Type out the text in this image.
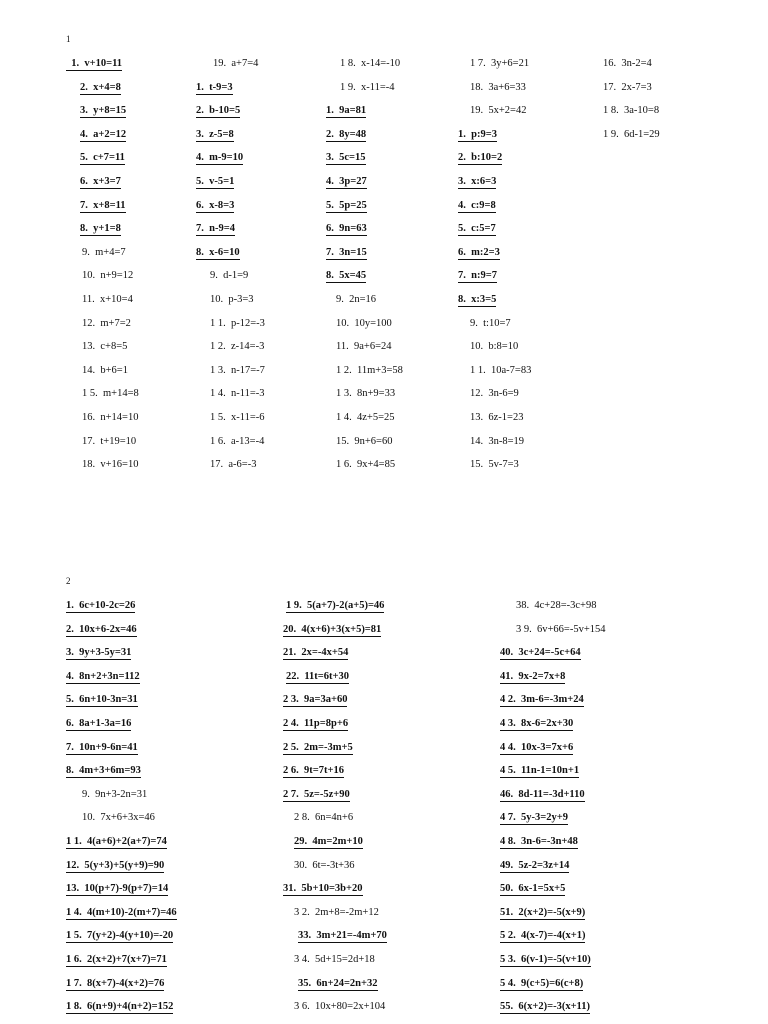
1
2
1.  v+10=11
2.  x+4=8
3.  y+8=15
4.  a+2=12
5.  c+7=11
6.  x+3=7
7.  x+8=11
8.  y+1=8
9.  m+4=7
10.  n+9=12
11.  x+10=4
12.  m+7=2
13.  c+8=5
14.  b+6=1
1 5.  m+14=8
16.  n+14=10
17.  t+19=10
18.  v+16=10
19.  a+7=4
1.  t-9=3
2.  b-10=5
3.  z-5=8
4.  m-9=10
5.  v-5=1
6.  x-8=3
7.  n-9=4
8.  x-6=10
9.  d-1=9
10.  p-3=3
1 1.  p-12=-3
1 2.  z-14=-3
1 3.  n-17=-7
1 4.  n-11=-3
1 5.  x-11=-6
1 6.  a-13=-4
17.  a-6=-3
1 8.  x-14=-10
1 9.  x-11=-4
1.  9a=81
2.  8y=48
3.  5c=15
4.  3p=27
5.  5p=25
6.  9n=63
7.  3n=15
8.  5x=45
9.  2n=16
10.  10y=100
11.  9a+6=24
1 2.  11m+3=58
1 3.  8n+9=33
1 4.  4z+5=25
15.  9n+6=60
1 6.  9x+4=85
1 7.  3y+6=21
18.  3a+6=33
19.  5x+2=42
1.  p:9=3
2.  b:10=2
3.  x:6=3
4.  c:9=8
5.  c:5=7
6.  m:2=3
7.  n:9=7
8.  x:3=5
9.  t:10=7
10.  b:8=10
1 1.  10a-7=83
12.  3n-6=9
13.  6z-1=23
14.  3n-8=19
15.  5v-7=3
16.  3n-2=4
17.  2x-7=3
1 8.  3a-10=8
1 9.  6d-1=29
1.  6c+10-2c=26
2.  10x+6-2x=46
3.  9y+3-5y=31
4.  8n+2+3n=112
5.  6n+10-3n=31
6.  8a+1-3a=16
7.  10n+9-6n=41
8.  4m+3+6m=93
9.  9n+3-2n=31
10.  7x+6+3x=46
1 1.  4(a+6)+2(a+7)=74
12.  5(y+3)+5(y+9)=90
13.  10(p+7)-9(p+7)=14
1 4.  4(m+10)-2(m+7)=46
1 5.  7(y+2)-4(y+10)=-20
1 6.  2(x+2)+7(x+7)=71
1 7.  8(x+7)-4(x+2)=76
1 8.  6(n+9)+4(n+2)=152
1 9.  5(a+7)-2(a+5)=46
20.  4(x+6)+3(x+5)=81
21.  2x=-4x+54
22.  11t=6t+30
2 3.  9a=3a+60
2 4.  11p=8p+6
2 5.  2m=-3m+5
2 6.  9t=7t+16
2 7.  5z=-5z+90
2 8.  6n=4n+6
29.  4m=2m+10
30.  6t=-3t+36
31.  5b+10=3b+20
3 2.  2m+8=-2m+12
33.  3m+21=-4m+70
3 4.  5d+15=2d+18
35.  6n+24=2n+32
3 6.  10x+80=2x+104
38.  4c+28=-3c+98
3 9.  6v+66=-5v+154
40.  3c+24=-5c+64
41.  9x-2=7x+8
4 2.  3m-6=-3m+24
4 3.  8x-6=2x+30
4 4.  10x-3=7x+6
4 5.  11n-1=10n+1
46.  8d-11=-3d+110
4 7.  5y-3=2y+9
4 8.  3n-6=-3n+48
49.  5z-2=3z+14
50.  6x-1=5x+5
51.  2(x+2)=-5(x+9)
5 2.  4(x-7)=-4(x+1)
5 3.  6(v-1)=-5(v+10)
5 4.  9(c+5)=6(c+8)
55.  6(x+2)=-3(x+11)
